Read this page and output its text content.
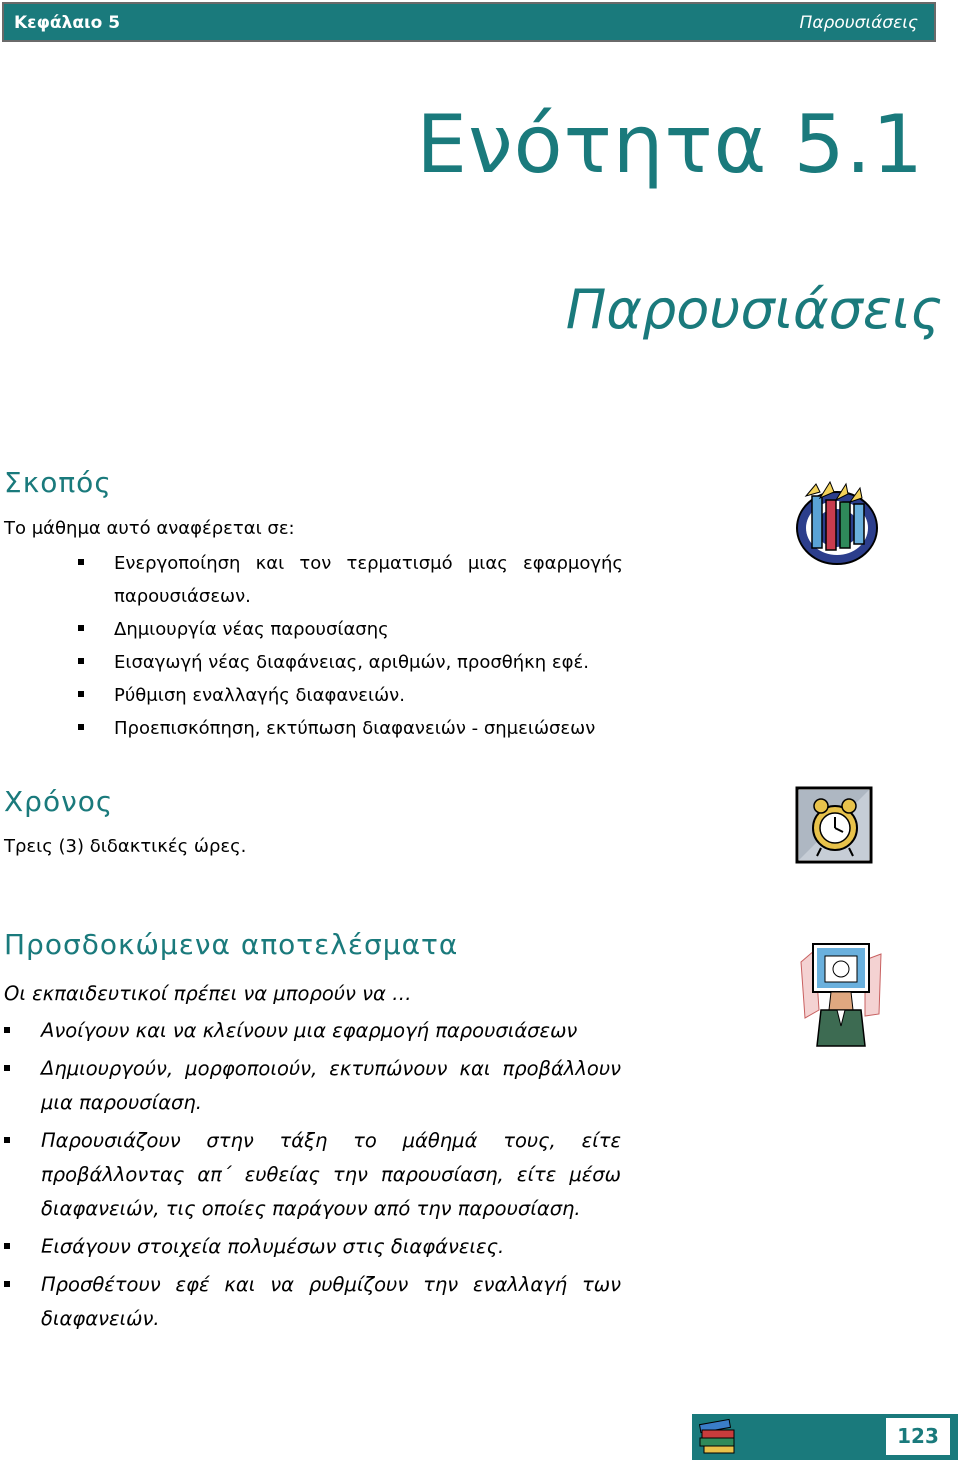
Κεφάλαιο 5	Παρουσιάσεις
Ενότητα 5.1
Παρουσιάσεις
Σκοπός
Το μάθημα αυτό αναφέρεται σε:
Ενεργοποίηση και τον τερματισμό μιας εφαρμογής παρουσιάσεων.
Δημιουργία νέας παρουσίασης
Εισαγωγή νέας διαφάνειας, αριθμών, προσθήκη εφέ.
Ρύθμιση εναλλαγής διαφανειών.
Προεπισκόπηση, εκτύπωση διαφανειών - σημειώσεων
Χρόνος
Τρεις (3) διδακτικές ώρες.
Προσδοκώμενα αποτελέσματα
Οι εκπαιδευτικοί πρέπει να μπορούν να …
Ανοίγουν και να κλείνουν μια εφαρμογή παρουσιάσεων
Δημιουργούν, μορφοποιούν, εκτυπώνουν και προβάλλουν μια παρουσίαση.
Παρουσιάζουν στην τάξη το μάθημά τους, είτε προβάλλοντας απ΄ ευθείας την παρουσίαση, είτε μέσω διαφανειών, τις οποίες παράγουν από την παρουσίαση.
Εισάγουν στοιχεία πολυμέσων στις διαφάνειες.
Προσθέτουν εφέ και να ρυθμίζουν την εναλλαγή των διαφανειών.
123
